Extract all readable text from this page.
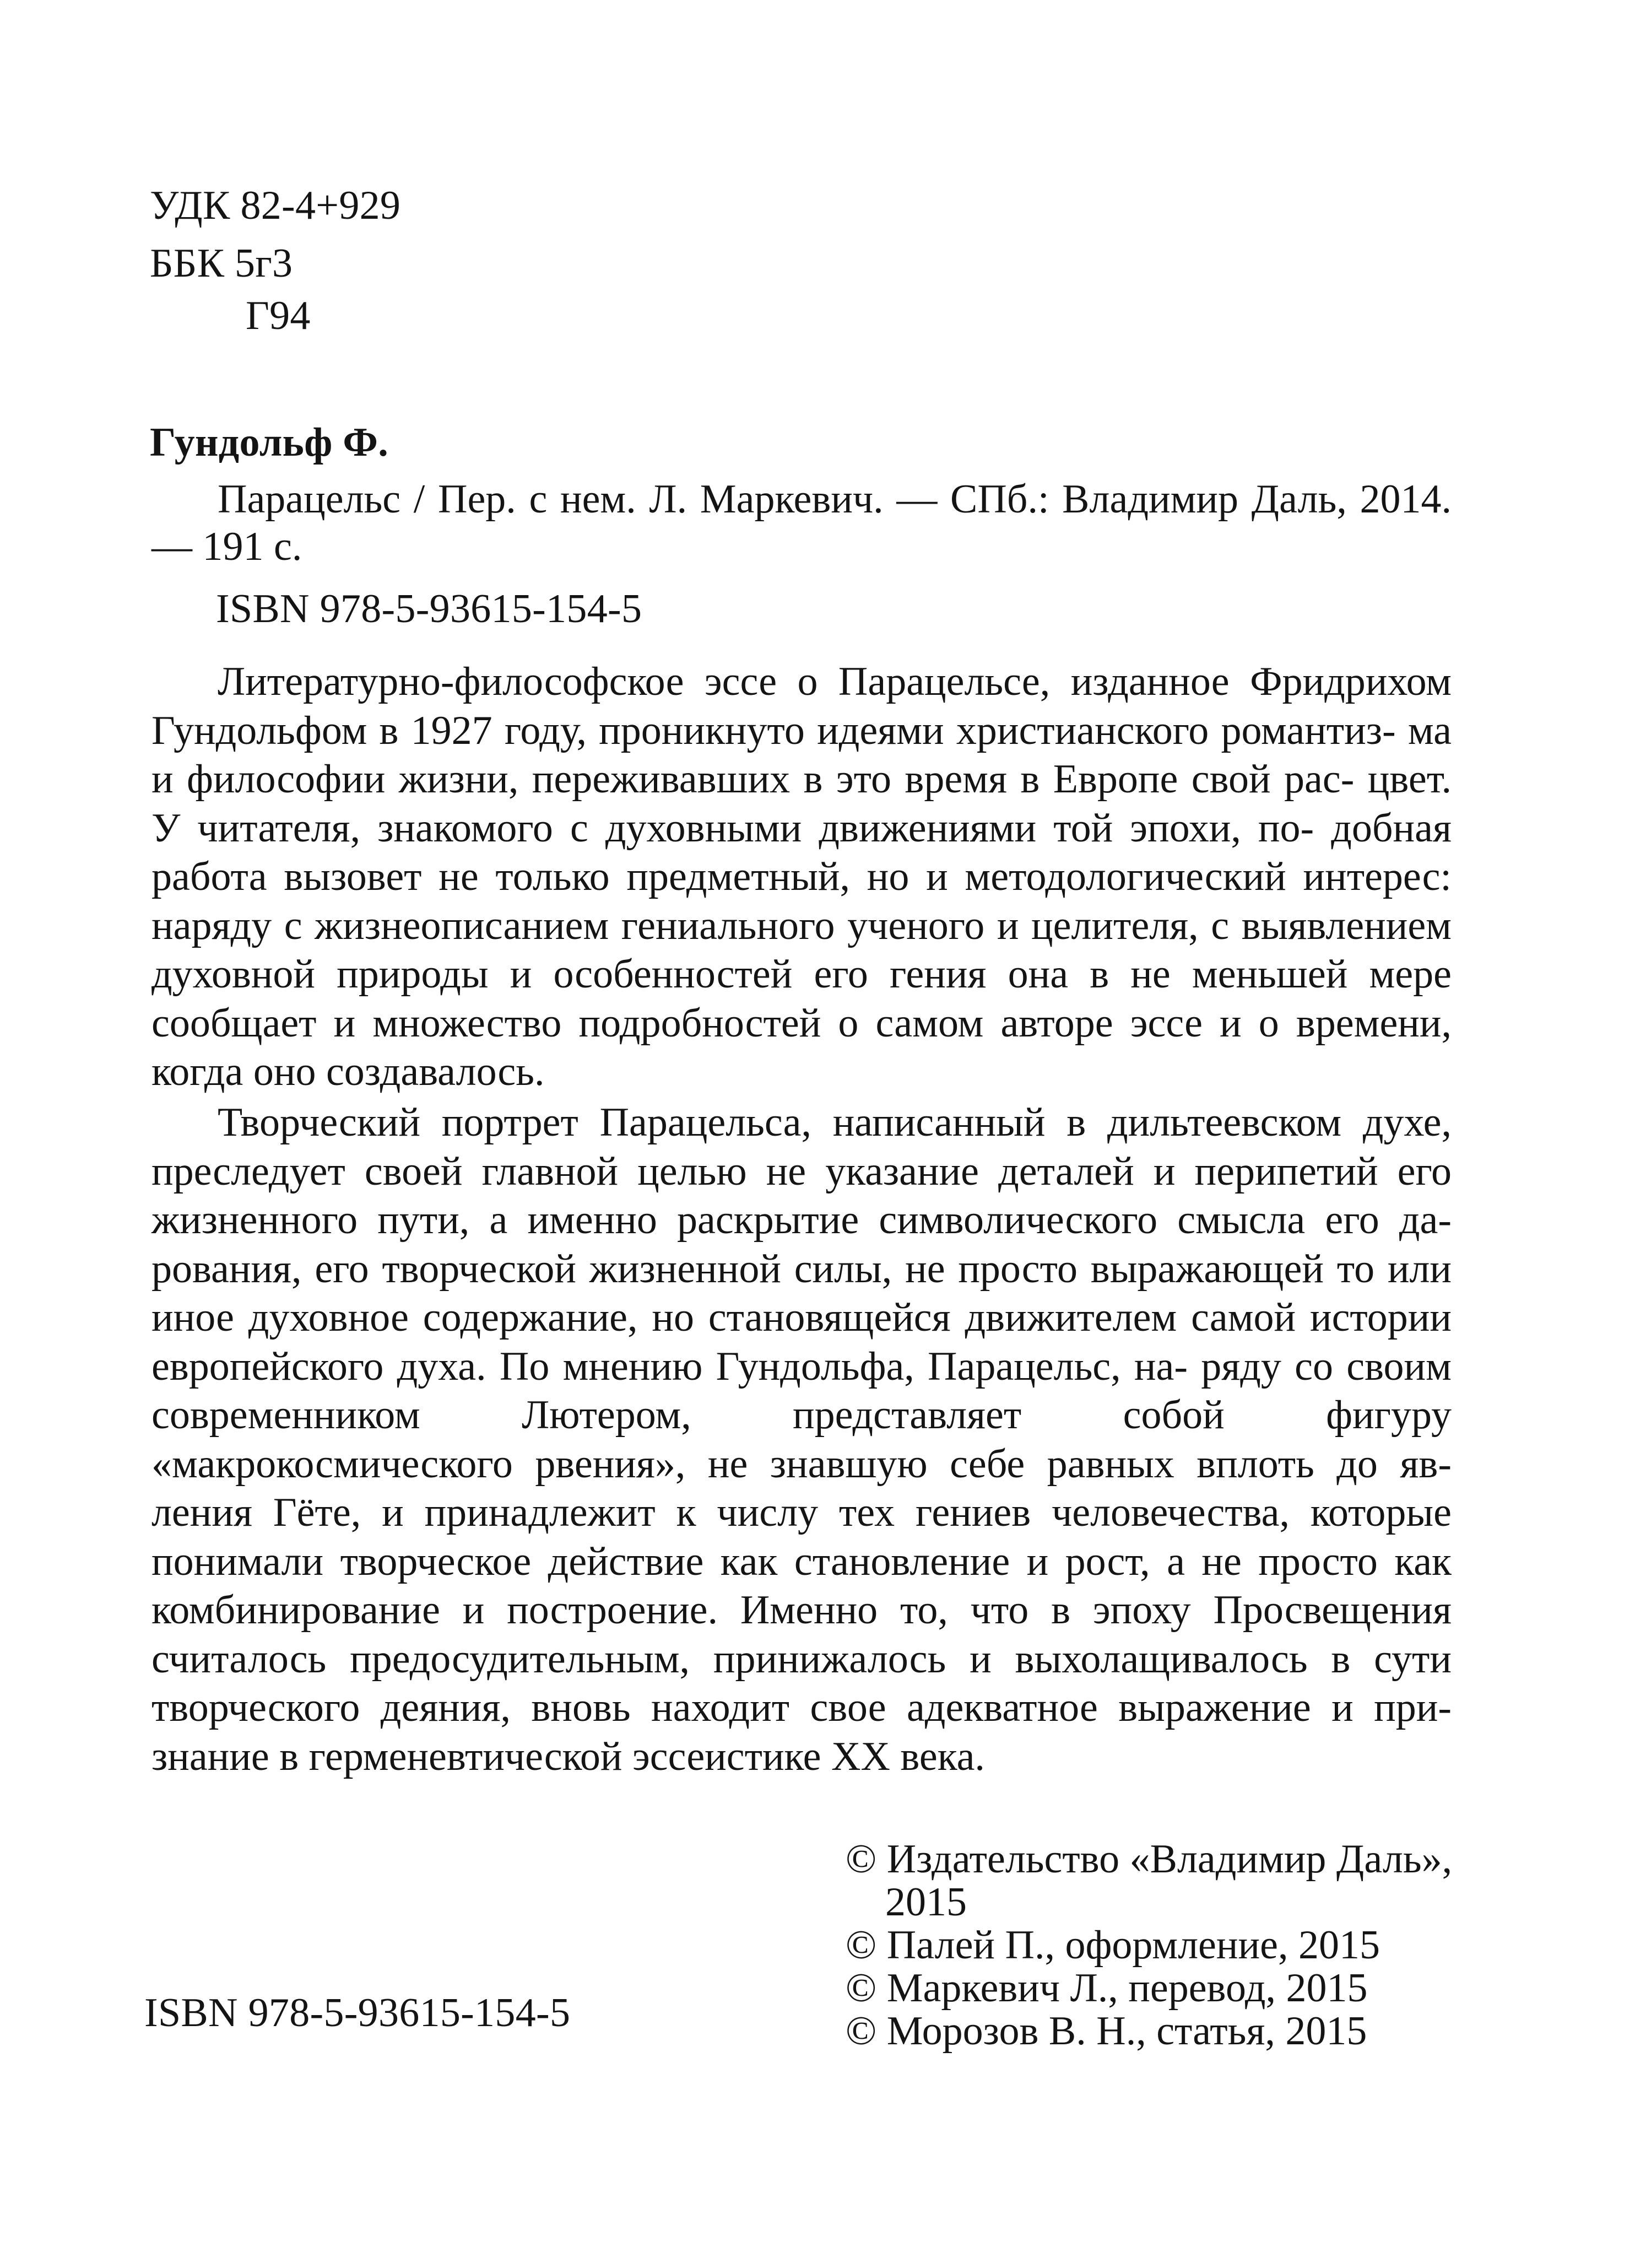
УДК 82-4+929
ББК 5г3
Г94
Гундольф Ф.

Парацельс / Пер. с нем. Л. Маркевич. — СПб.: Владимир Даль, 2014. — 191 с.

ISBN 978-5-93615-154-5

Литературно-философское эссе о Парацельсе, изданное Фридрихом Гундольфом в 1927 году, проникнуто идеями христианского романтиз- ма и философии жизни, переживавших в это время в Европе свой рас- цвет. У читателя, знакомого с духовными движениями той эпохи, по- добная работа вызовет не только предметный, но и методологический интерес: наряду с жизнеописанием гениального ученого и целителя, с выявлением духовной природы и особенностей его гения она в не меньшей мере сообщает и множество подробностей о самом авторе эссе и о времени, когда оно создавалось.

Творческий портрет Парацельса, написанный в дильтеевском духе, преследует своей главной целью не указание деталей и перипетий его жизненного пути, а именно раскрытие символического смысла его да- рования, его творческой жизненной силы, не просто выражающей то или иное духовное содержание, но становящейся движителем самой истории европейского духа. По мнению Гундольфа, Парацельс, на- ряду со своим современником Лютером, представляет собой фигуру «макрокосмического рвения», не знавшую себе равных вплоть до яв- ления Гёте, и принадлежит к числу тех гениев человечества, которые понимали творческое действие как становление и рост, а не просто как комбинирование и построение. Именно то, что в эпоху Просвещения считалось предосудительным, принижалось и выхолащивалось в сути творческого деяния, вновь находит свое адекватное выражение и при- знание в герменевтической эссеистике XX века.

ISBN 978-5-93615-154-5
© Издательство «Владимир Даль»,
2015
© Палей П., оформление, 2015
© Маркевич Л., перевод, 2015
© Морозов В. Н., статья, 2015
